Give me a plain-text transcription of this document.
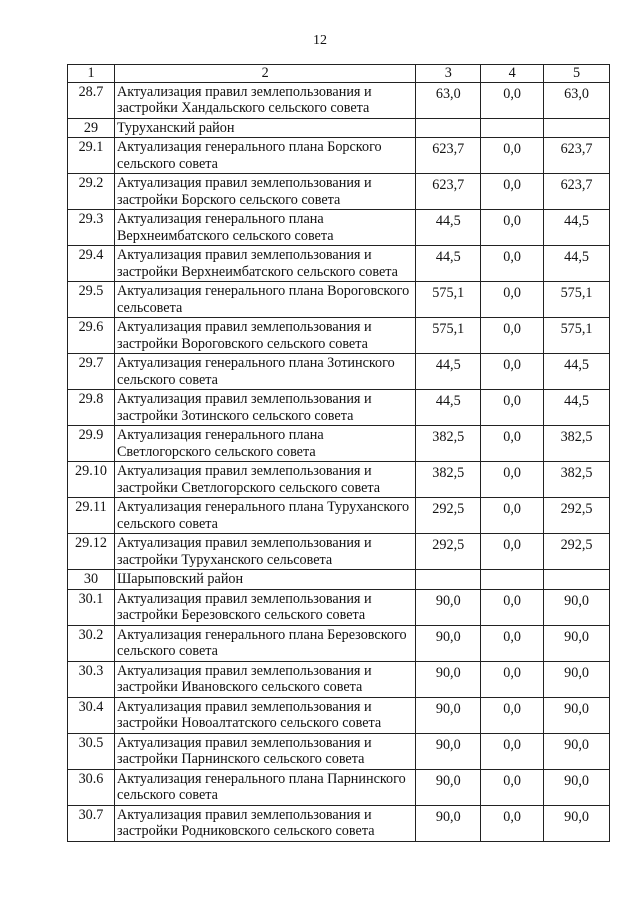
12
1	2	3	4	5
28.7	Актуализация правил землепользования и застройки Хандальского сельского совета	63,0	0,0	63,0
29	Туруханский район			
29.1	Актуализация генерального плана Борского сельского совета	623,7	0,0	623,7
29.2	Актуализация правил землепользования и застройки Борского сельского совета	623,7	0,0	623,7
29.3	Актуализация генерального плана Верхнеимбатского сельского совета	44,5	0,0	44,5
29.4	Актуализация правил землепользования и застройки Верхнеимбатского сельского совета	44,5	0,0	44,5
29.5	Актуализация генерального плана Вороговского сельсовета	575,1	0,0	575,1
29.6	Актуализация правил землепользования и застройки Вороговского сельского совета	575,1	0,0	575,1
29.7	Актуализация генерального плана Зотинского сельского совета	44,5	0,0	44,5
29.8	Актуализация правил землепользования и застройки Зотинского сельского совета	44,5	0,0	44,5
29.9	Актуализация генерального плана Светлогорского сельского совета	382,5	0,0	382,5
29.10	Актуализация правил землепользования и застройки Светлогорского сельского совета	382,5	0,0	382,5
29.11	Актуализация генерального плана Туруханского сельского совета	292,5	0,0	292,5
29.12	Актуализация правил землепользования и застройки Туруханского сельсовета	292,5	0,0	292,5
30	Шарыповский район			
30.1	Актуализация правил землепользования и застройки Березовского сельского совета	90,0	0,0	90,0
30.2	Актуализация генерального плана Березовского сельского совета	90,0	0,0	90,0
30.3	Актуализация правил землепользования и застройки Ивановского сельского совета	90,0	0,0	90,0
30.4	Актуализация правил землепользования и застройки Новоалтатского сельского совета	90,0	0,0	90,0
30.5	Актуализация правил землепользования и застройки Парнинского сельского совета	90,0	0,0	90,0
30.6	Актуализация генерального плана Парнинского сельского совета	90,0	0,0	90,0
30.7	Актуализация правил землепользования и застройки Родниковского сельского совета	90,0	0,0	90,0
